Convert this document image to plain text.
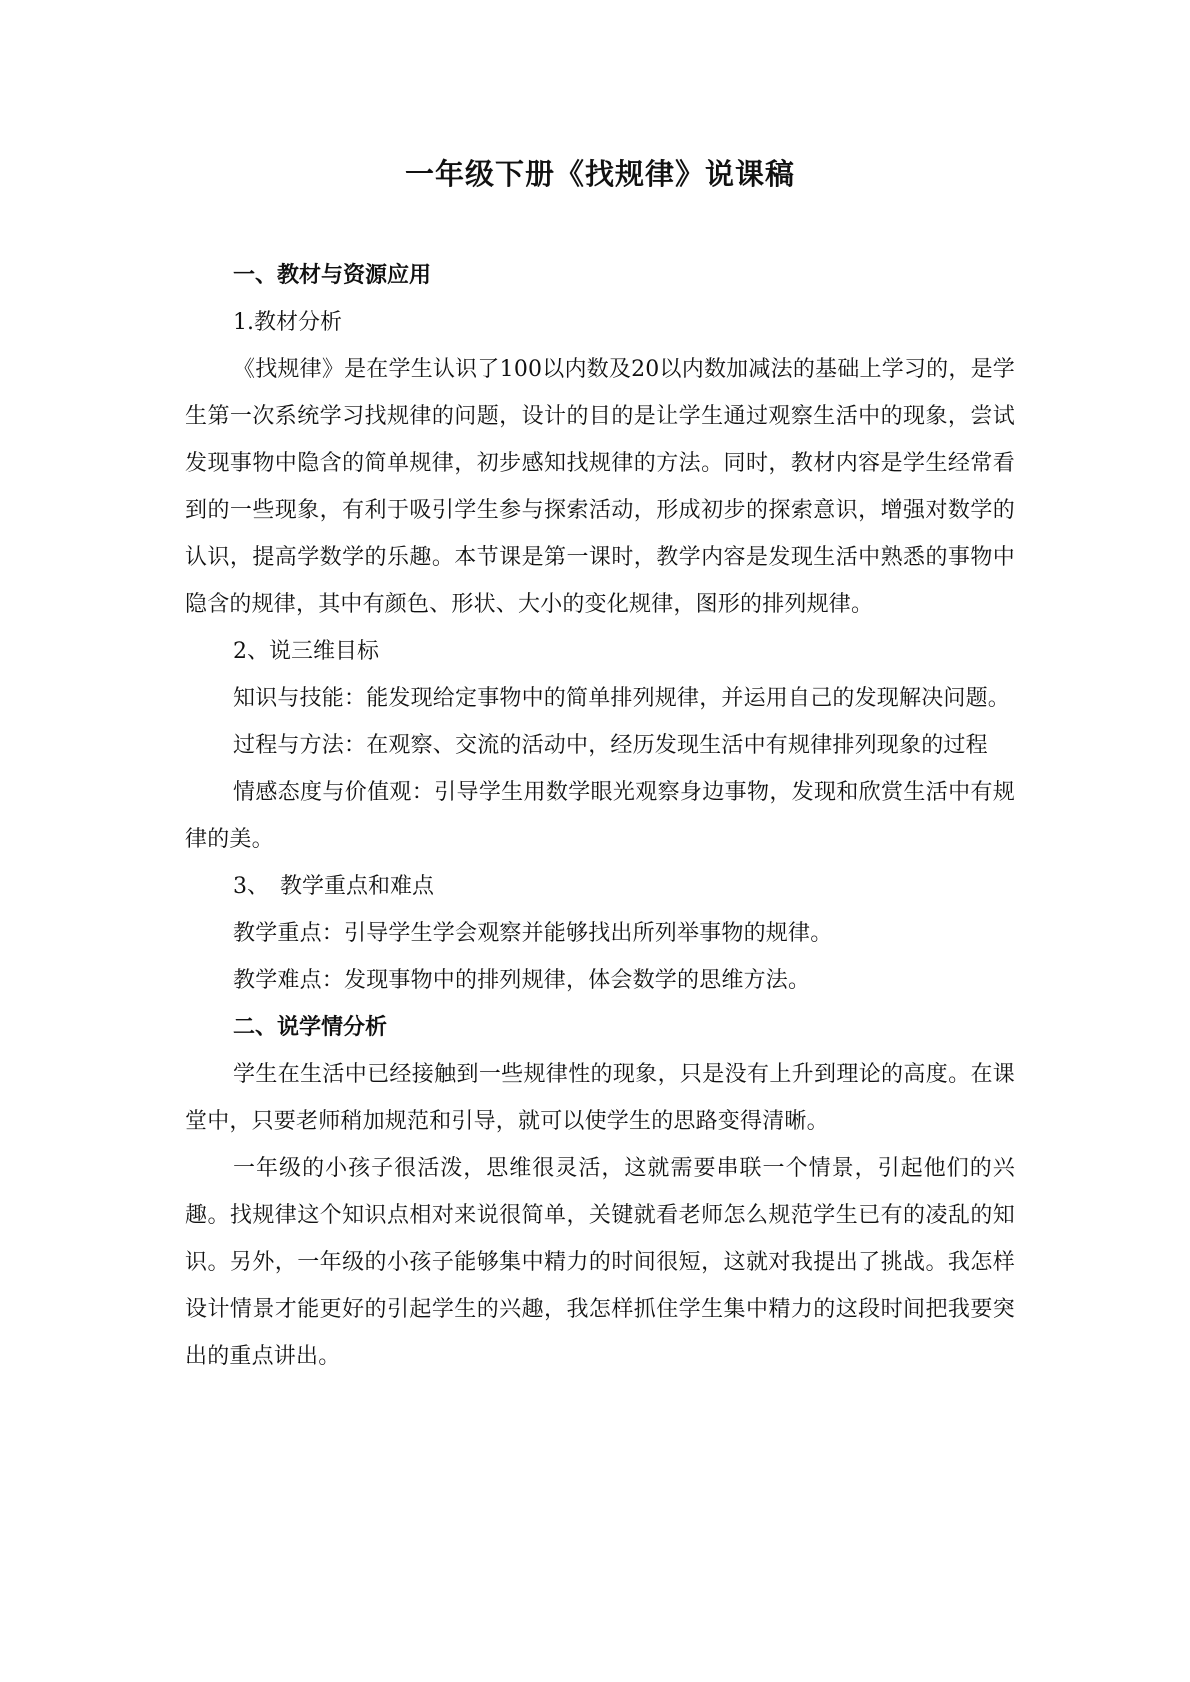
一年级下册《找规律》说课稿

一、教材与资源应用

1.教材分析

《找规律》是在学生认识了100以内数及20以内数加减法的基础上学习的，是学生第一次系统学习找规律的问题，设计的目的是让学生通过观察生活中的现象，尝试发现事物中隐含的简单规律，初步感知找规律的方法。同时，教材内容是学生经常看到的一些现象，有利于吸引学生参与探索活动，形成初步的探索意识，增强对数学的认识，提高学数学的乐趣。本节课是第一课时，教学内容是发现生活中熟悉的事物中隐含的规律，其中有颜色、形状、大小的变化规律，图形的排列规律。

2、说三维目标

知识与技能：能发现给定事物中的简单排列规律，并运用自己的发现解决问题。

过程与方法：在观察、交流的活动中，经历发现生活中有规律排列现象的过程

情感态度与价值观：引导学生用数学眼光观察身边事物，发现和欣赏生活中有规律的美。

3、　教学重点和难点

教学重点：引导学生学会观察并能够找出所列举事物的规律。

教学难点：发现事物中的排列规律，体会数学的思维方法。

二、说学情分析

学生在生活中已经接触到一些规律性的现象，只是没有上升到理论的高度。在课堂中，只要老师稍加规范和引导，就可以使学生的思路变得清晰。

一年级的小孩子很活泼，思维很灵活，这就需要串联一个情景，引起他们的兴趣。找规律这个知识点相对来说很简单，关键就看老师怎么规范学生已有的凌乱的知识。另外，一年级的小孩子能够集中精力的时间很短，这就对我提出了挑战。我怎样设计情景才能更好的引起学生的兴趣，我怎样抓住学生集中精力的这段时间把我要突出的重点讲出。
